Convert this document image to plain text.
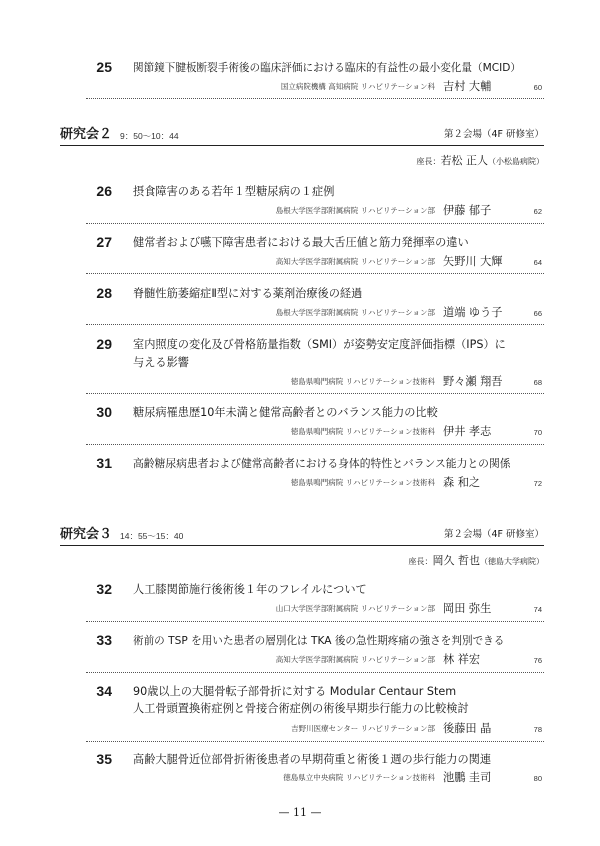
25 関節鏡下腱板断裂手術後の臨床評価における臨床的有益性の最小変化量（MCID）
国立病院機構 高知病院 リハビリテーション科 吉村 大輔	60
研究会２ 9：50〜10：44	第２会場（4F 研修室）
座長：若松 正人（小松島病院）
26 摂食障害のある若年１型糖尿病の１症例
島根大学医学部附属病院 リハビリテーション部 伊藤 郁子	62
27 健常者および嚥下障害患者における最大舌圧値と筋力発揮率の違い
高知大学医学部附属病院 リハビリテーション部 矢野川 大輝	64
28 脊髄性筋萎縮症Ⅱ型に対する薬剤治療後の経過
島根大学医学部附属病院 リハビリテーション部 道端 ゆう子	66
29 室内照度の変化及び骨格筋量指数（SMI）が姿勢安定度評価指標（IPS）に
与える影響
徳島県鳴門病院 リハビリテーション技術科 野々瀬 翔吾	68
30 糖尿病罹患歴10年未満と健常高齢者とのバランス能力の比較
徳島県鳴門病院 リハビリテーション技術科 伊井 孝志	70
31 高齢糖尿病患者および健常高齢者における身体的特性とバランス能力との関係
徳島県鳴門病院 リハビリテーション技術科 森 和之	72
研究会３ 14：55〜15：40	第２会場（4F 研修室）
座長：岡久 哲也（徳島大学病院）
32 人工膝関節施行後術後１年のフレイルについて
山口大学医学部附属病院 リハビリテーション部 岡田 弥生	74
33 術前の TSP を用いた患者の層別化は TKA 後の急性期疼痛の強さを判別できる
高知大学医学部附属病院 リハビリテーション部 林 祥宏	76
34 90歳以上の大腿骨転子部骨折に対する Modular Centaur Stem
人工骨頭置換術症例と骨接合術症例の術後早期歩行能力の比較検討
吉野川医療センター リハビリテーション部 後藤田 晶	78
35 高齢大腿骨近位部骨折術後患者の早期荷重と術後１週の歩行能力の関連
徳島県立中央病院 リハビリテーション技術科 池鵬 圭司	80
— 11 —
